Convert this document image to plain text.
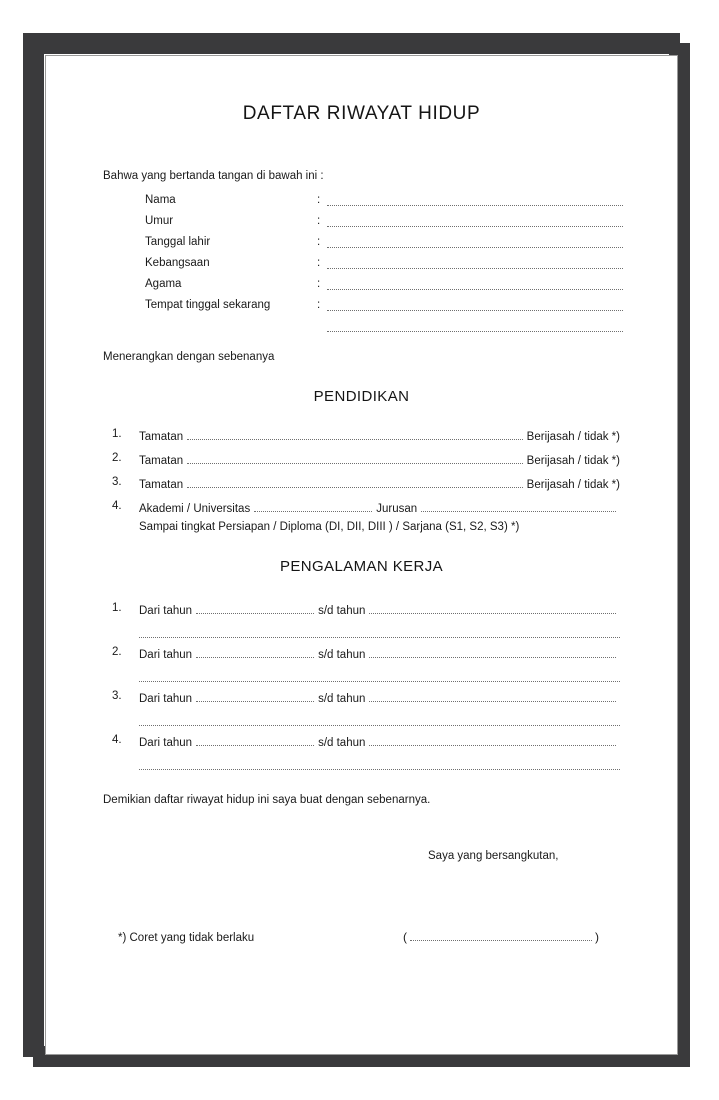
DAFTAR RIWAYAT HIDUP
Bahwa yang bertanda tangan di bawah ini :
Nama	:	

Umur	:	

Tanggal lahir	:	

Kebangsaan	:	

Agama	:	

Tempat tinggal sekarang	:	

Menerangkan dengan sebenanya
PENDIDIKAN
1.	Tamatan	Berijasah / tidak *)
2.	Tamatan	Berijasah / tidak *)
3.	Tamatan	Berijasah / tidak *)
4.	Akademi / Universitas	Jurusan
Sampai tingkat Persiapan / Diploma (DI, DII, DIII ) / Sarjana (S1, S2, S3) *)
PENGALAMAN KERJA
1.	Dari tahun	s/d tahun
2.	Dari tahun	s/d tahun
3.	Dari tahun	s/d tahun
4.	Dari tahun	s/d tahun
Demikian daftar riwayat hidup ini saya buat dengan sebenarnya.
Saya yang bersangkutan,
*) Coret yang tidak berlaku	(	)
